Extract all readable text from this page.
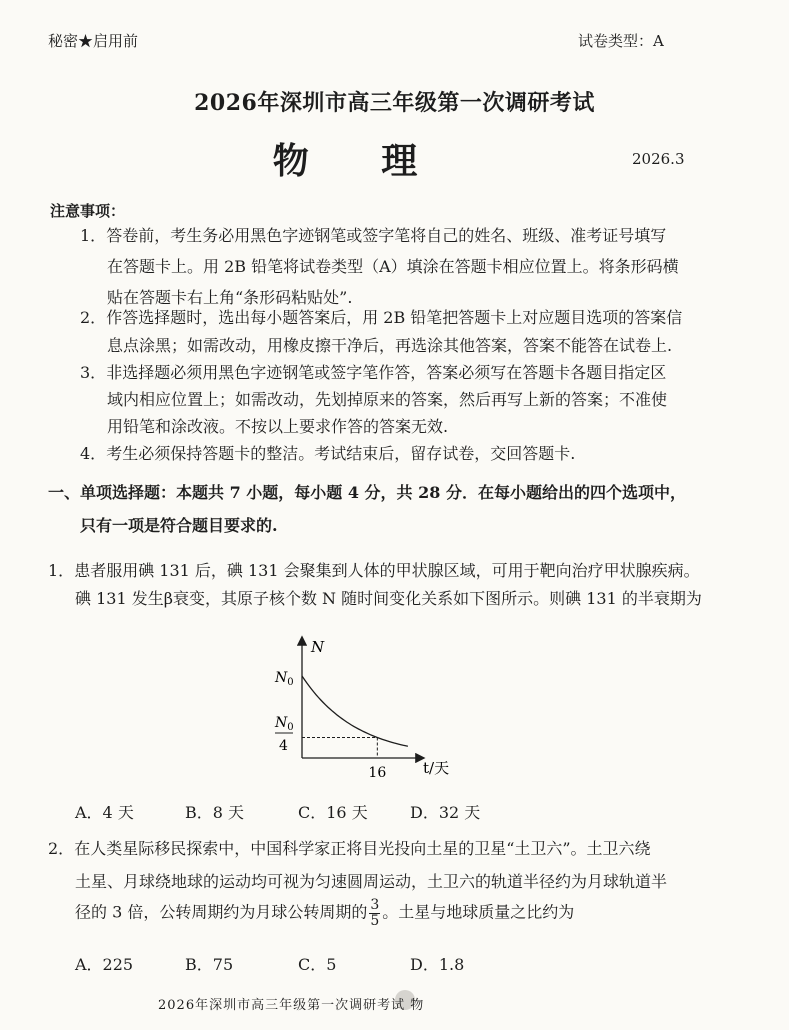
秘密★启用前	试卷类型：A
2026年深圳市高三年级第一次调研考试
物 理	2026.3
注意事项：
1．答卷前，考生务必用黑色字迹钢笔或签字笔将自己的姓名、班级、准考证号填写
在答题卡上。用 2B 铅笔将试卷类型（A）填涂在答题卡相应位置上。将条形码横
贴在答题卡右上角“条形码粘贴处”.
2．作答选择题时，选出每小题答案后，用 2B 铅笔把答题卡上对应题目选项的答案信
息点涂黑；如需改动，用橡皮擦干净后，再选涂其他答案，答案不能答在试卷上.
3．非选择题必须用黑色字迹钢笔或签字笔作答，答案必须写在答题卡各题目指定区
域内相应位置上；如需改动，先划掉原来的答案，然后再写上新的答案；不准使
用铅笔和涂改液。不按以上要求作答的答案无效.
4．考生必须保持答题卡的整洁。考试结束后，留存试卷，交回答题卡.
一、单项选择题：本题共 7 小题，每小题 4 分，共 28 分．在每小题给出的四个选项中，
只有一项是符合题目要求的.
1．患者服用碘 131 后，碘 131 会聚集到人体的甲状腺区域，可用于靶向治疗甲状腺疾病。
碘 131 发生β衰变，其原子核个数 N 随时间变化关系如下图所示。则碘 131 的半衰期为
N
$N_0$
$N_0$
4
16 t/天
A．4 天	B．8 天	C．16 天	D．32 天
2．在人类星际移民探索中，中国科学家正将目光投向土星的卫星“土卫六”。土卫六绕
土星、月球绕地球的运动均可视为匀速圆周运动，土卫六的轨道半径约为月球轨道半
径的 3 倍，公转周期约为月球公转周期的 $\frac{3}{5}$ 。土星与地球质量之比约为
A．225	B．75	C．5	D．1.8
2026年深圳市高三年级第一次调研考试 物
